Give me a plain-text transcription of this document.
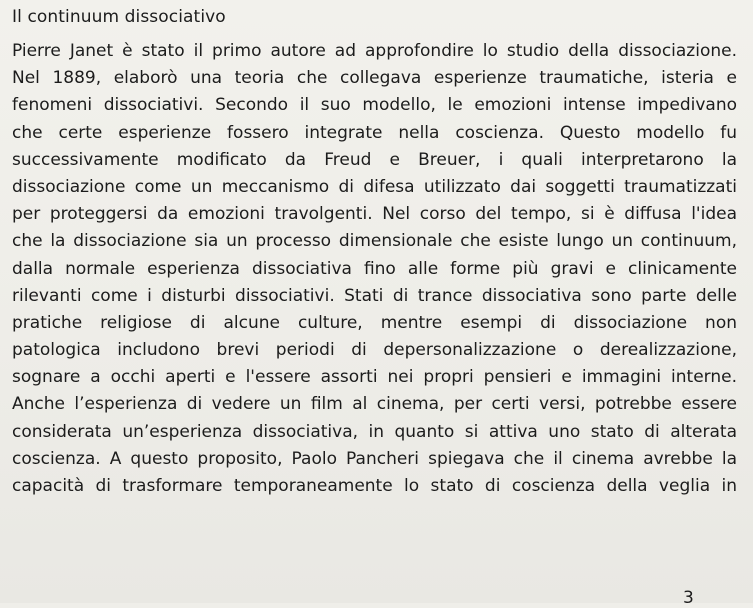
Il continuum dissociativo
Pierre Janet è stato il primo autore ad approfondire lo studio della dissociazione.
Nel 1889, elaborò una teoria che collegava esperienze traumatiche, isteria e
fenomeni dissociativi. Secondo il suo modello, le emozioni intense impedivano
che certe esperienze fossero integrate nella coscienza. Questo modello fu
successivamente modificato da Freud e Breuer, i quali interpretarono la
dissociazione come un meccanismo di difesa utilizzato dai soggetti traumatizzati
per proteggersi da emozioni travolgenti. Nel corso del tempo, si è diffusa l'idea
che la dissociazione sia un processo dimensionale che esiste lungo un continuum,
dalla normale esperienza dissociativa fino alle forme più gravi e clinicamente
rilevanti come i disturbi dissociativi. Stati di trance dissociativa sono parte delle
pratiche religiose di alcune culture, mentre esempi di dissociazione non
patologica includono brevi periodi di depersonalizzazione o derealizzazione,
sognare a occhi aperti e l'essere assorti nei propri pensieri e immagini interne.
Anche l’esperienza di vedere un film al cinema, per certi versi, potrebbe essere
considerata un’esperienza dissociativa, in quanto si attiva uno stato di alterata
coscienza. A questo proposito, Paolo Pancheri spiegava che il cinema avrebbe la
capacità di trasformare temporaneamente lo stato di coscienza della veglia in
3
